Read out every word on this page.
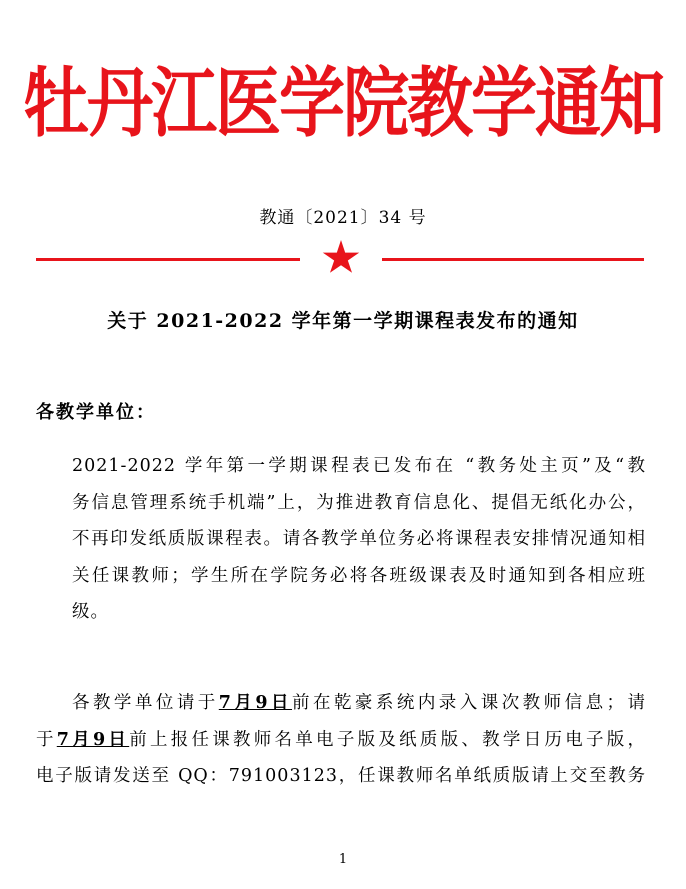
牡丹江医学院教学通知
教通〔2021〕34 号
关于 2021-2022 学年第一学期课程表发布的通知
各教学单位：
2021-2022 学年第一学期课程表已发布在 “教务处主页”及“教
务信息管理系统手机端”上，为推进教育信息化、提倡无纸化办公，
不再印发纸质版课程表。请各教学单位务必将课程表安排情况通知相
关任课教师；学生所在学院务必将各班级课表及时通知到各相应班
级。
各教学单位请于7月9日前在乾豪系统内录入课次教师信息；请
于7月9日前上报任课教师名单电子版及纸质版、教学日历电子版，
电子版请发送至 QQ：791003123，任课教师名单纸质版请上交至教务
1
